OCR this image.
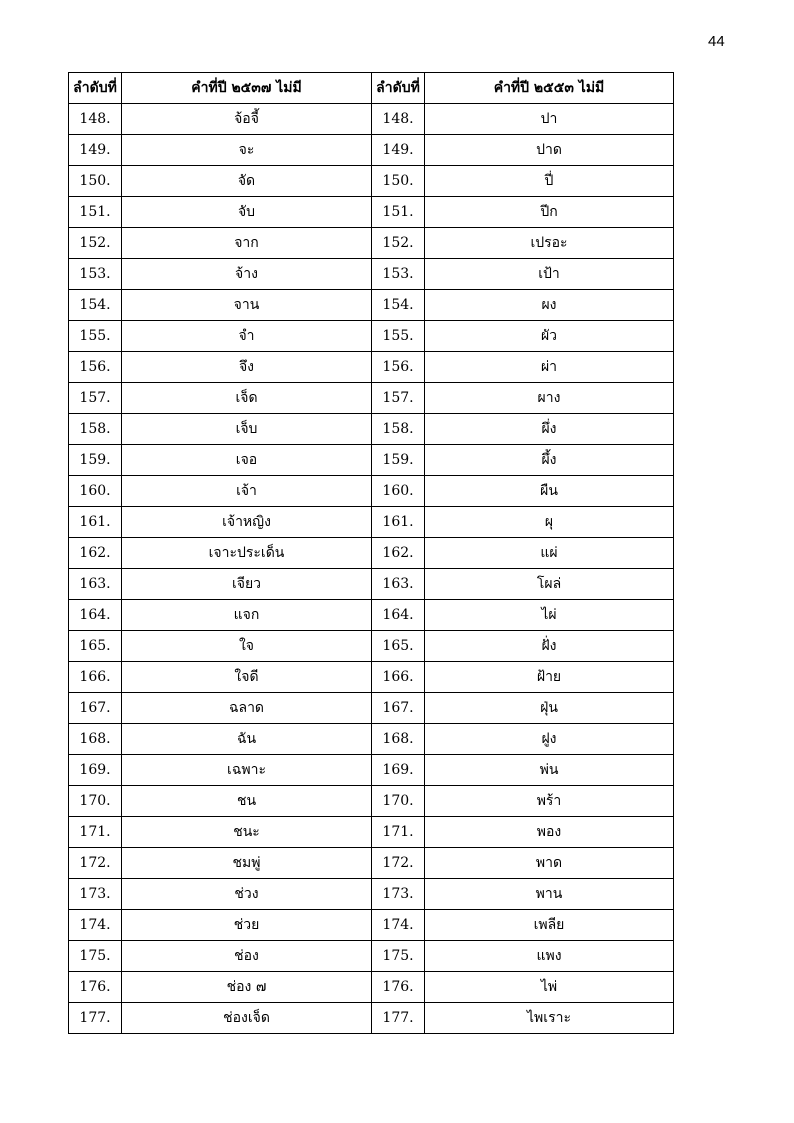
44
ลำดับที่	คำที่ปี ๒๕๓๗ ไม่มี	ลำดับที่	คำที่ปี ๒๕๕๓ ไม่มี
148.	จ้อจี้	148.	ปา
149.	จะ	149.	ปาด
150.	จัด	150.	ปี่
151.	จับ	151.	ปีก
152.	จาก	152.	เปรอะ
153.	จ้าง	153.	เป้า
154.	จาน	154.	ผง
155.	จำ	155.	ผัว
156.	จึง	156.	ผ่า
157.	เจ็ด	157.	ผาง
158.	เจ็บ	158.	ผึ่ง
159.	เจอ	159.	ผึ้ง
160.	เจ้า	160.	ผืน
161.	เจ้าหญิง	161.	ผุ
162.	เจาะประเด็น	162.	แผ่
163.	เจียว	163.	โผล่
164.	แจก	164.	ไผ่
165.	ใจ	165.	ฝั่ง
166.	ใจดี	166.	ฝ้าย
167.	ฉลาด	167.	ฝุ่น
168.	ฉัน	168.	ฝูง
169.	เฉพาะ	169.	พ่น
170.	ชน	170.	พร้า
171.	ชนะ	171.	พอง
172.	ชมพู่	172.	พาด
173.	ช่วง	173.	พาน
174.	ช่วย	174.	เพลีย
175.	ช่อง	175.	แพง
176.	ช่อง ๗	176.	ไพ่
177.	ช่องเจ็ด	177.	ไพเราะ
